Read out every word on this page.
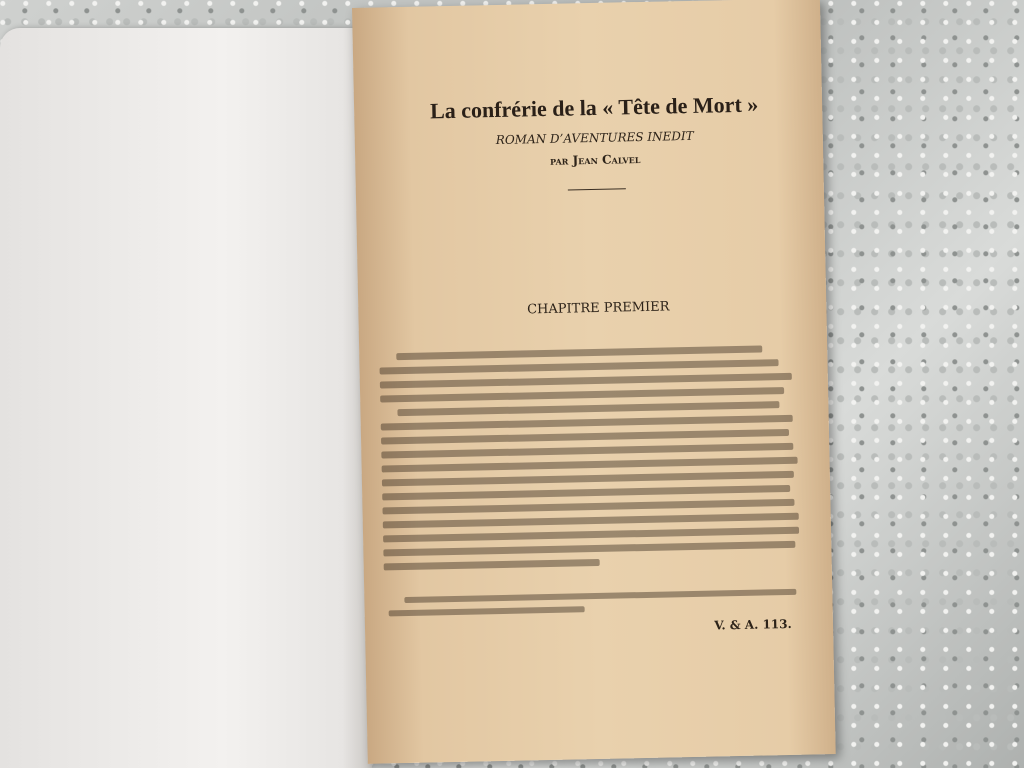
La confrérie de la « Tête de Mort »

ROMAN D’AVENTURES INEDIT

par Jean Calvel

CHAPITRE PREMIER

V. & A. 113.
